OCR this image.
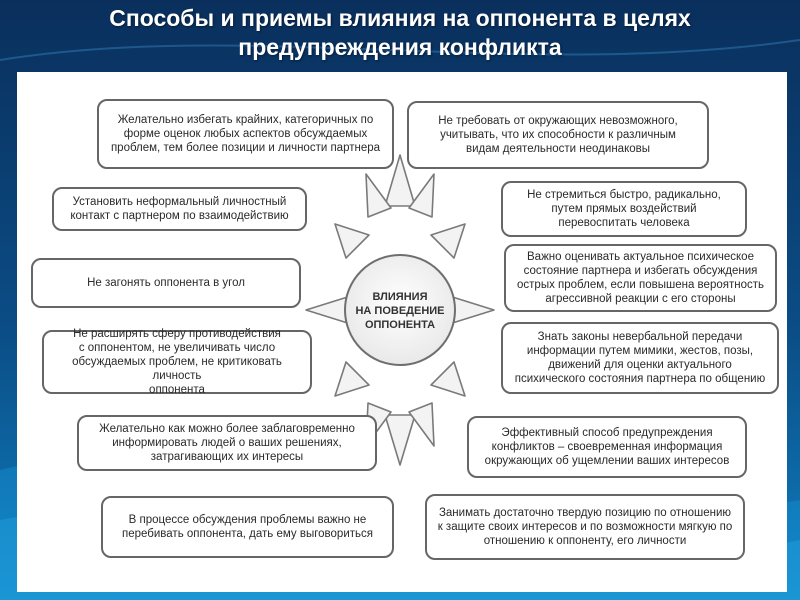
Способы и приемы влияния на оппонента в целях
предупреждения конфликта
ВЛИЯНИЯ
НА ПОВЕДЕНИЕ
ОППОНЕНТА
Желательно избегать крайних, категоричных по
форме оценок любых аспектов обсуждаемых
проблем, тем более позиции и личности партнера
Установить неформальный личностный
контакт с партнером по взаимодействию
Не загонять оппонента в угол
Не расширять сферу противодействия
с оппонентом, не увеличивать число
обсуждаемых проблем, не критиковать личность
оппонента
Желательно как можно более заблаговременно
информировать людей о ваших решениях,
затрагивающих их интересы
В процессе обсуждения проблемы важно не
перебивать оппонента, дать ему выговориться
Не требовать от окружающих невозможного,
учитывать, что их способности к различным
видам деятельности неодинаковы
Не стремиться быстро, радикально,
путем прямых воздействий
перевоспитать человека
Важно оценивать актуальное психическое
состояние партнера и избегать обсуждения
острых проблем, если повышена вероятность
агрессивной реакции с его стороны
Знать законы невербальной передачи
информации путем мимики, жестов, позы,
движений для оценки актуального
психического состояния партнера по общению
Эффективный способ предупреждения
конфликтов – своевременная информация
окружающих об ущемлении ваших интересов
Занимать достаточно твердую позицию по отношению
к защите своих интересов и по возможности мягкую по
отношению к оппоненту, его личности
